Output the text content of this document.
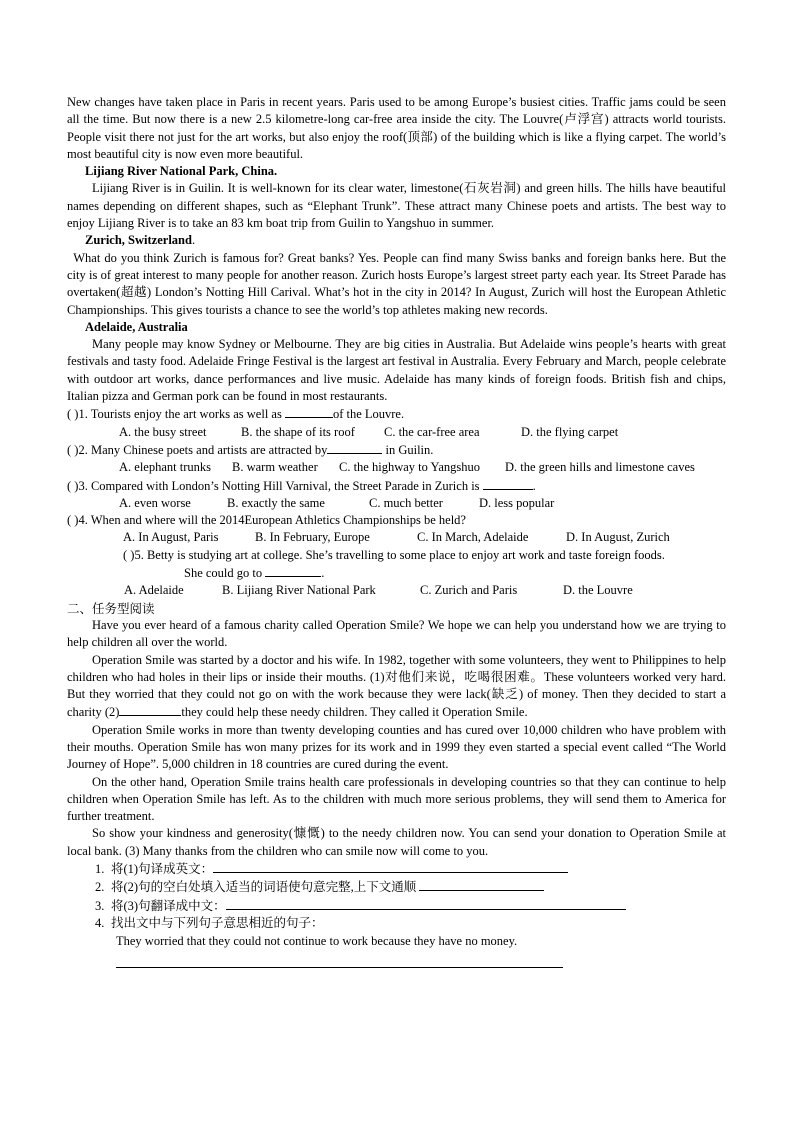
New changes have taken place in Paris in recent years. Paris used to be among Europe’s busiest cities. Traffic jams could be seen all the time. But now there is a new 2.5 kilometre-long car-free area inside the city. The Louvre(卢浮宫) attracts world tourists. People visit there not just for the art works, but also enjoy the roof(顶部) of the building which is like a flying carpet. The world’s most beautiful city is now even more beautiful.

Lijiang River National Park, China.

Lijiang River is in Guilin. It is well-known for its clear water, limestone(石灰岩洞) and green hills. The hills have beautiful names depending on different shapes, such as “Elephant Trunk”. These attract many Chinese poets and artists. The best way to enjoy Lijiang River is to take an 83 km boat trip from Guilin to Yangshuo in summer.

Zurich, Switzerland.

What do you think Zurich is famous for? Great banks? Yes. People can find many Swiss banks and foreign banks here. But the city is of great interest to many people for another reason. Zurich hosts Europe’s largest street party each year. Its Street Parade has overtaken(超越) London’s Notting Hill Carival. What’s hot in the city in 2014? In August, Zurich will host the European Athletic Championships. This gives tourists a chance to see the world’s top athletes making new records.

Adelaide, Australia

Many people may know Sydney or Melbourne. They are big cities in Australia. But Adelaide wins people’s hearts with great festivals and tasty food. Adelaide Fringe Festival is the largest art festival in Australia. Every February and March, people celebrate with outdoor art works, dance performances and live music. Adelaide has many kinds of foreign foods. British fish and chips, Italian pizza and German pork can be found in most restaurants.

( )1. Tourists enjoy the art works as well as	of the Louvre.

A. the busy street	B. the shape of its roof	C. the car-free area	D. the flying carpet

( )2. Many Chinese poets and artists are attracted by	in Guilin.

A. elephant trunks	B. warm weather	C. the highway to Yangshuo	D. the green hills and limestone caves

( )3. Compared with London’s Notting Hill Varnival, the Street Parade in Zurich is	.

A. even worse	B. exactly the same	C. much better	D. less popular

( )4. When and where will the 2014European Athletics Championships be held?

A. In August, Paris	B. In February, Europe	C. In March, Adelaide	D. In August, Zurich

( )5. Betty is studying art at college. She’s travelling to some place to enjoy art work and taste foreign foods.

She could go to	.

A. Adelaide	B. Lijiang River National Park	C. Zurich and Paris	D. the Louvre

二、任务型阅读

Have you ever heard of a famous charity called Operation Smile? We hope we can help you understand how we are trying to help children all over the world.

Operation Smile was started by a doctor and his wife. In 1982, together with some volunteers, they went to Philippines to help children who had holes in their lips or inside their mouths. (1)对他们来说，吃喝很困难。These volunteers worked very hard. But they worried that they could not go on with the work because they were lack(缺乏) of money. Then they decided to start a charity (2)	they could help these needy children. They called it Operation Smile.

Operation Smile works in more than twenty developing counties and has cured over 10,000 children who have problem with their mouths. Operation Smile has won many prizes for its work and in 1999 they even started a special event called “The World Journey of Hope”. 5,000 children in 18 countries are cured during the event.

On the other hand, Operation Smile trains health care professionals in developing countries so that they can continue to help children when Operation Smile has left. As to the children with much more serious problems, they will send them to America for further treatment.

So show your kindness and generosity(慷慨) to the needy children now. You can send your donation to Operation Smile at local bank. (3) Many thanks from the children who can smile now will come to you.

1. 将(1)句译成英文：

2. 将(2)句的空白处填入适当的词语使句意完整,上下文通顺

3. 将(3)句翻译成中文：

4. 找出文中与下列句子意思相近的句子：

They worried that they could not continue to work because they have no money.
